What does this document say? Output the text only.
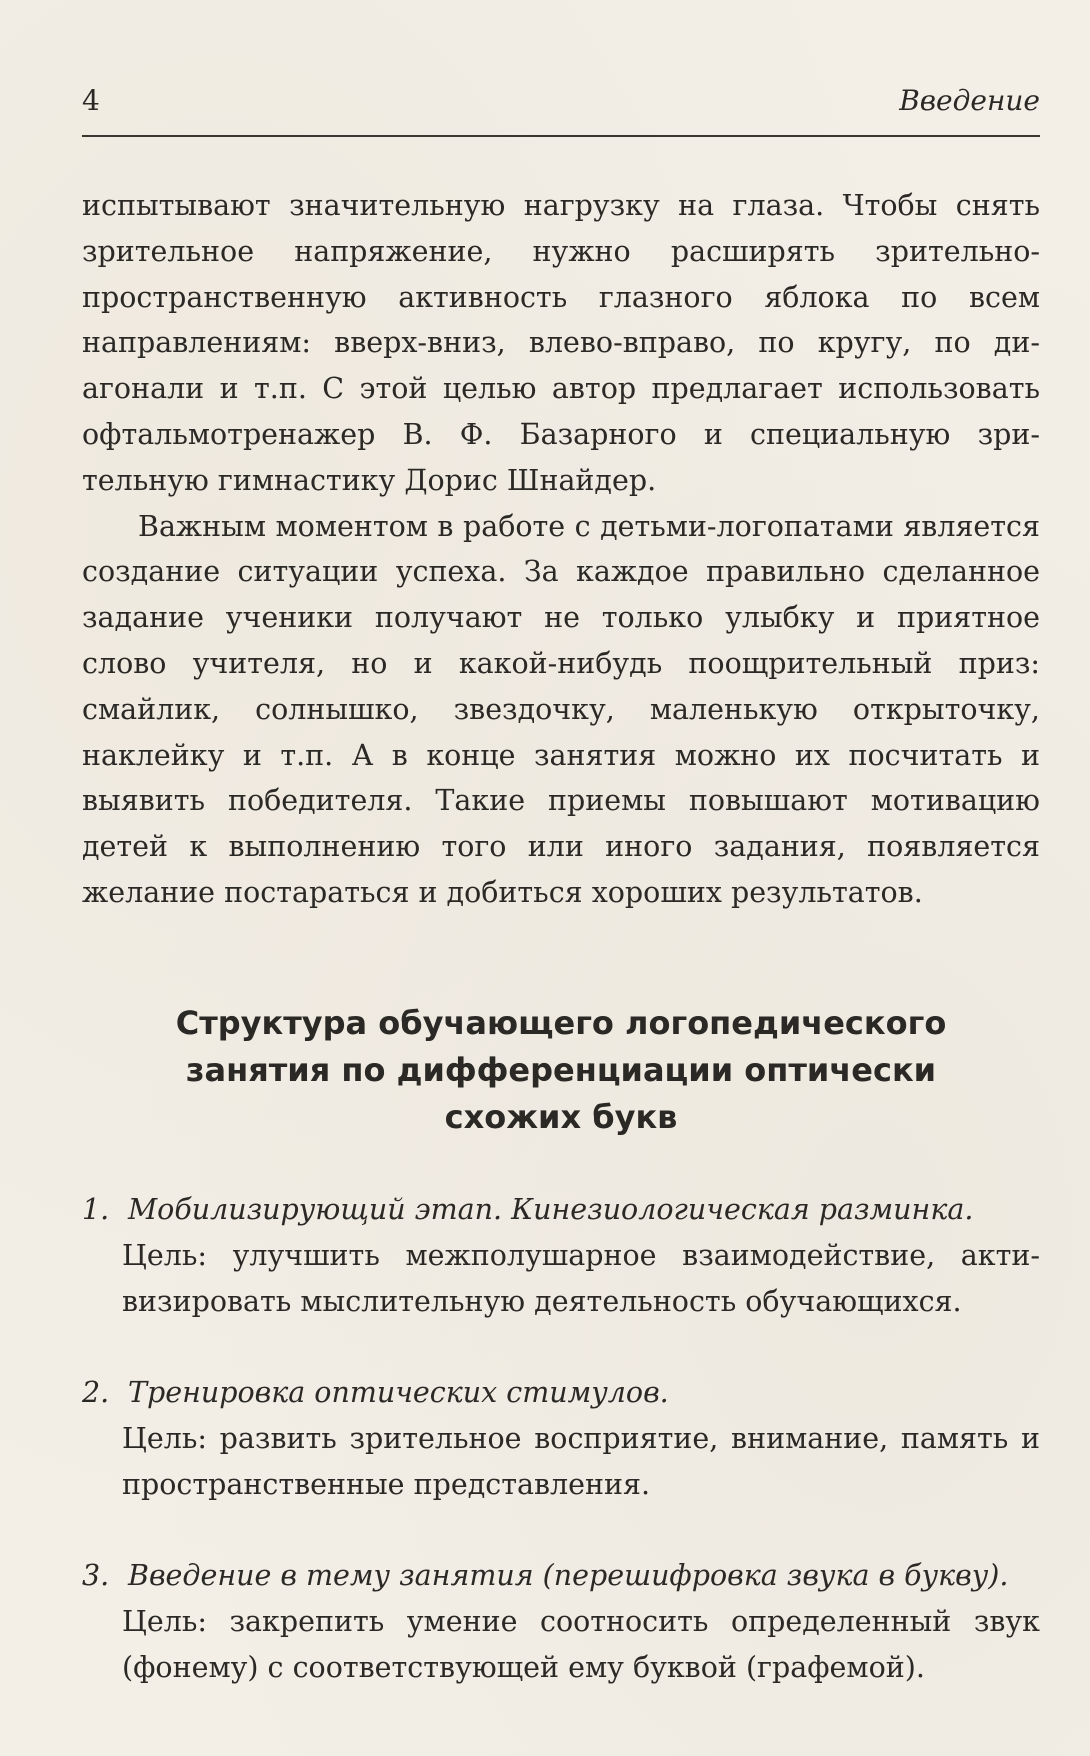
4	Введение

испытывают значительную нагрузку на глаза. Чтобы снять зрительное напряжение, нужно расширять зрительно-пространственную активность глазного яблока по всем направлениям: вверх-вниз, влево-вправо, по кругу, по диагонали и т.п. С этой целью автор предлагает использовать офтальмотренажер В. Ф. Базарного и специальную зрительную гимнастику Дорис Шнайдер.

Важным моментом в работе с детьми-логопатами является создание ситуации успеха. За каждое правильно сделанное задание ученики получают не только улыбку и приятное слово учителя, но и какой-нибудь поощрительный приз: смайлик, солнышко, звездочку, маленькую открыточку, наклейку и т.п. А в конце занятия можно их посчитать и выявить победителя. Такие приемы повышают мотивацию детей к выполнению того или иного задания, появляется желание постараться и добиться хороших результатов.

Структура обучающего логопедического занятия по дифференциации оптически схожих букв
1. Мобилизирующий этап. Кинезиологическая разминка.
Цель: улучшить межполушарное взаимодействие, активизировать мыслительную деятельность обучающихся.
2. Тренировка оптических стимулов.
Цель: развить зрительное восприятие, внимание, память и пространственные представления.
3. Введение в тему занятия (перешифровка звука в букву).
Цель: закрепить умение соотносить определенный звук (фонему) с соответствующей ему буквой (графемой).
